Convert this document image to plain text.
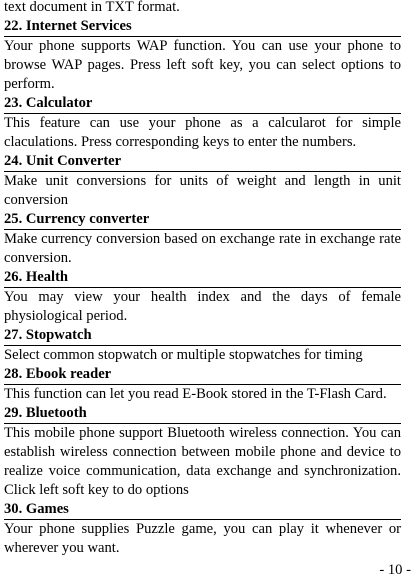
text document in TXT format.

22. Internet Services

Your phone supports WAP function. You can use your phone to browse WAP pages. Press left soft key, you can select options to perform.

23. Calculator

This feature can use your phone as a calcularot for simple claculations. Press corresponding keys to enter the numbers.

24. Unit Converter

Make unit conversions for units of weight and length in unit conversion

25. Currency converter

Make currency conversion based on exchange rate in exchange rate conversion.

26. Health

You may view your health index and the days of female physiological period.

27. Stopwatch

Select common stopwatch or multiple stopwatches for timing

28. Ebook reader

This function can let you read E-Book stored in the T-Flash Card.

29. Bluetooth

This mobile phone support Bluetooth wireless connection. You can establish wireless connection between mobile phone and device to realize voice communication, data exchange and synchronization. Click left soft key to do options

30. Games

Your phone supplies Puzzle game, you can play it whenever or wherever you want.

- 10 -
